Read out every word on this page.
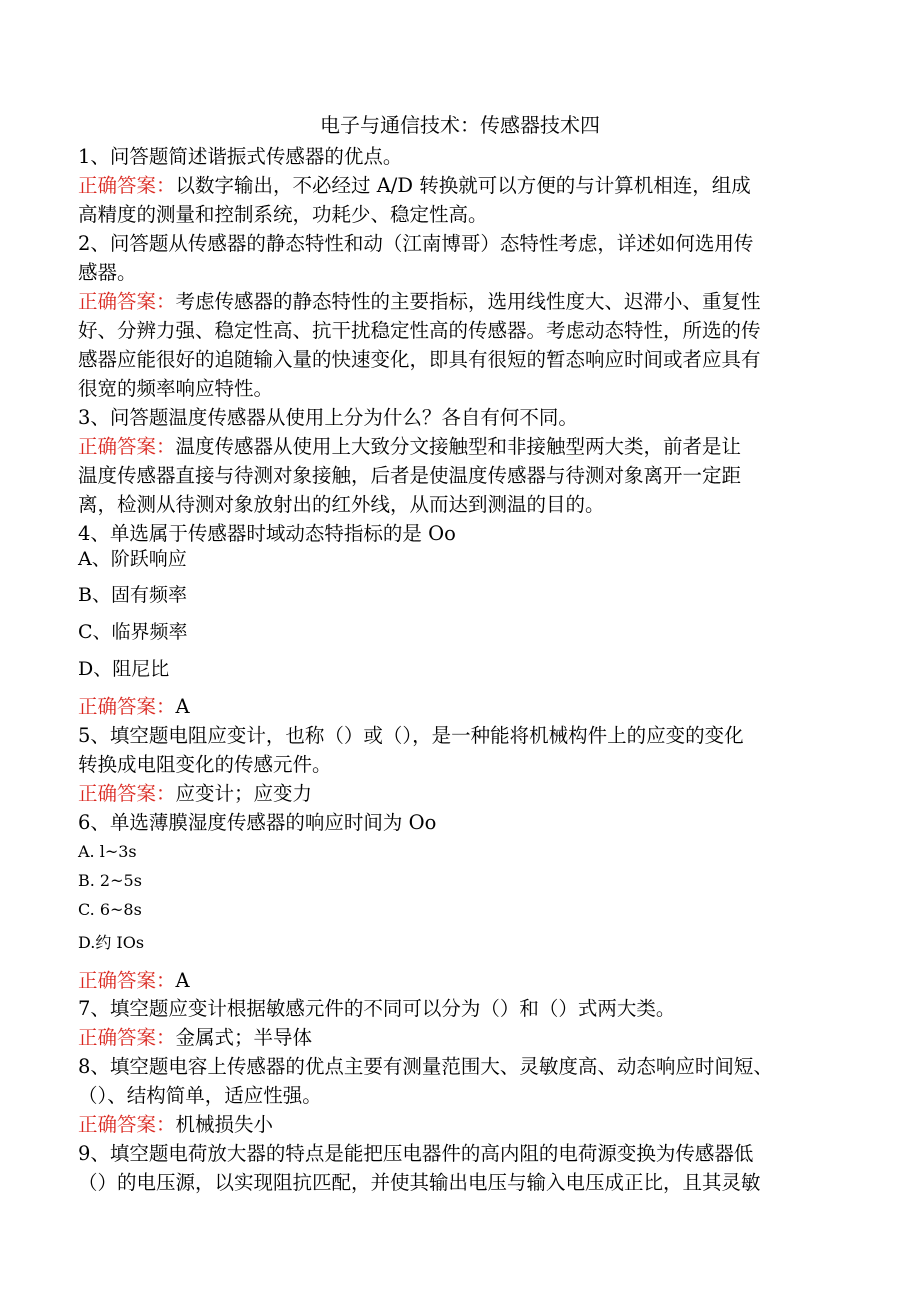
电子与通信技术：传感器技术四
1、问答题简述谐振式传感器的优点。
正确答案：以数字输出，不必经过 A/D 转换就可以方便的与计算机相连，组成
高精度的测量和控制系统，功耗少、稳定性高。
2、问答题从传感器的静态特性和动（江南博哥）态特性考虑，详述如何选用传
感器。
正确答案：考虑传感器的静态特性的主要指标，选用线性度大、迟滞小、重复性
好、分辨力强、稳定性高、抗干扰稳定性高的传感器。考虑动态特性，所选的传
感器应能很好的追随输入量的快速变化，即具有很短的暂态响应时间或者应具有
很宽的频率响应特性。
3、问答题温度传感器从使用上分为什么？各自有何不同。
正确答案：温度传感器从使用上大致分文接触型和非接触型两大类，前者是让
温度传感器直接与待测对象接触，后者是使温度传感器与待测对象离开一定距
离，检测从待测对象放射出的红外线，从而达到测温的目的。
4、单选属于传感器时域动态特指标的是 Oo
A、阶跃响应
B、固有频率
C、临界频率
D、阻尼比
正确答案：A
5、填空题电阻应变计，也称（）或（），是一种能将机械构件上的应变的变化
转换成电阻变化的传感元件。
正确答案：应变计；应变力
6、单选薄膜湿度传感器的响应时间为 Oo
A. l~3s
B. 2~5s
C. 6~8s
D.约 IOs
正确答案：A
7、填空题应变计根据敏感元件的不同可以分为（）和（）式两大类。
正确答案：金属式；半导体
8、填空题电容上传感器的优点主要有测量范围大、灵敏度高、动态响应时间短、
（）、结构简单，适应性强。
正确答案：机械损失小
9、填空题电荷放大器的特点是能把压电器件的高内阻的电荷源变换为传感器低
（）的电压源，以实现阻抗匹配，并使其输出电压与输入电压成正比，且其灵敏
